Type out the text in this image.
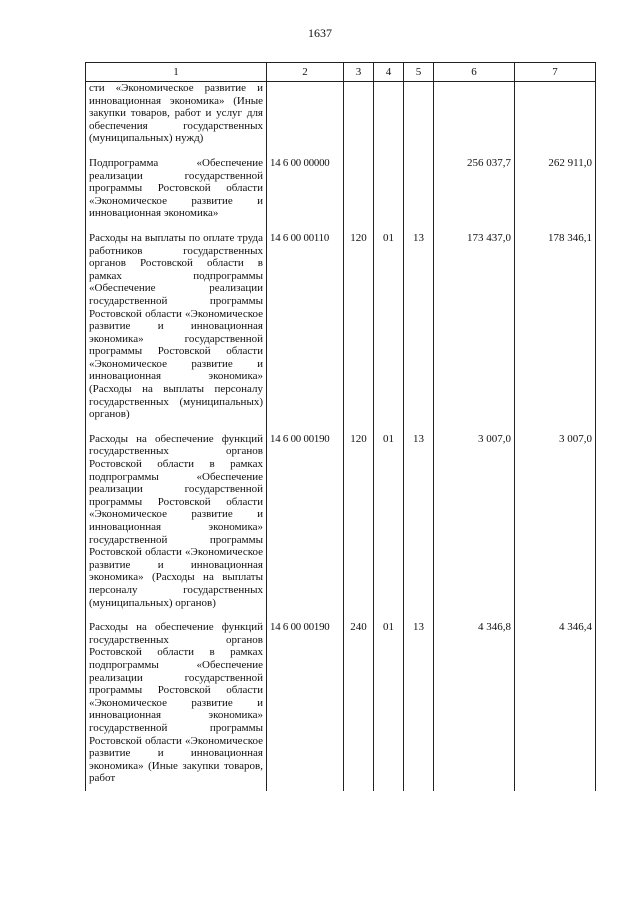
1637
1	2	3	4	5	6	7
сти «Экономическое развитие и инновационная экономика» (Иные закупки товаров, работ и услуг для обеспечения государственных (муниципальных) нужд)						
Подпрограмма «Обеспечение реализации государственной программы Ростовской области «Экономическое развитие и инновационная экономика»	14 6 00 00000				256 037,7	262 911,0
Расходы на выплаты по оплате труда работников государственных органов Ростовской области в рамках подпрограммы «Обеспечение реализации государственной программы Ростовской области «Экономическое развитие и инновационная экономика» государственной программы Ростовской области «Экономическое развитие и инновационная экономика» (Расходы на выплаты персоналу государственных (муниципальных) органов)	14 6 00 00110	120	01	13	173 437,0	178 346,1
Расходы на обеспечение функций государственных органов Ростовской области в рамках подпрограммы «Обеспечение реализации государственной программы Ростовской области «Экономическое развитие и инновационная экономика» государственной программы Ростовской области «Экономическое развитие и инновационная экономика» (Расходы на выплаты персоналу государственных (муниципальных) органов)	14 6 00 00190	120	01	13	3 007,0	3 007,0
Расходы на обеспечение функций государственных органов Ростовской области в рамках подпрограммы «Обеспечение реализации государственной программы Ростовской области «Экономическое развитие и инновационная экономика» государственной программы Ростовской области «Экономическое развитие и инновационная экономика» (Иные закупки товаров, работ	14 6 00 00190	240	01	13	4 346,8	4 346,4
